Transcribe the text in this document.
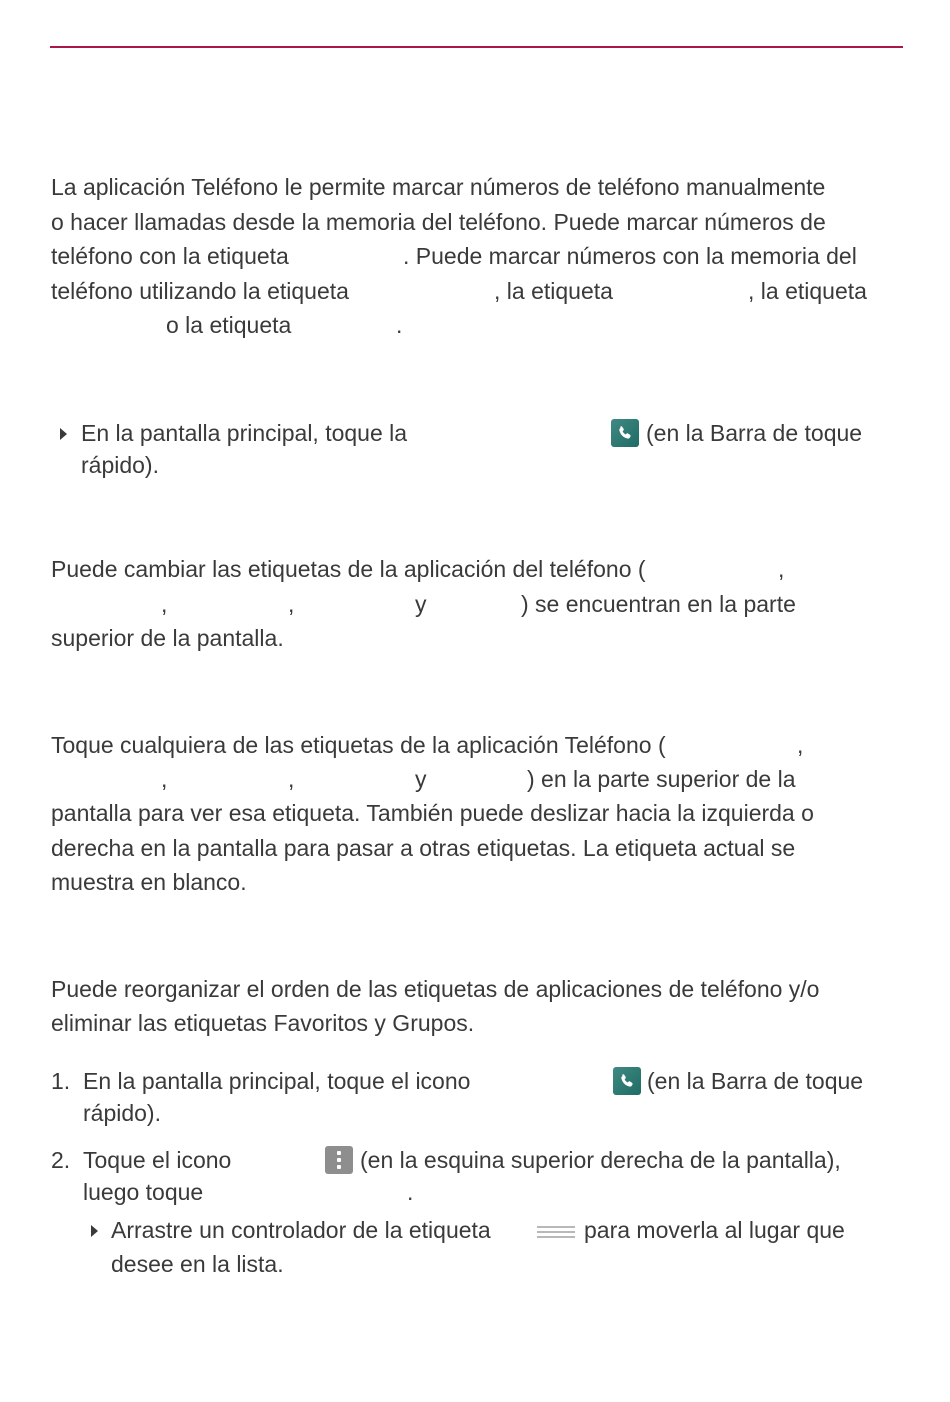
La aplicación Teléfono le permite marcar números de teléfono manualmente
o hacer llamadas desde la memoria del teléfono. Puede marcar números de
teléfono con la etiqueta	. Puede marcar números con la memoria del
teléfono utilizando la etiqueta	, la etiqueta	, la etiqueta
o la etiqueta	.
En la pantalla principal, toque la	(en la Barra de toque
rápido).
Puede cambiar las etiquetas de la aplicación del teléfono (	,
,	,	y	) se encuentran en la parte
superior de la pantalla.
Toque cualquiera de las etiquetas de la aplicación Teléfono (	,
,	,	y	) en la parte superior de la
pantalla para ver esa etiqueta. También puede deslizar hacia la izquierda o
derecha en la pantalla para pasar a otras etiquetas. La etiqueta actual se
muestra en blanco.
Puede reorganizar el orden de las etiquetas de aplicaciones de teléfono y/o
eliminar las etiquetas Favoritos y Grupos.
1. En la pantalla principal, toque el icono	(en la Barra de toque
rápido).
2. Toque el icono	(en la esquina superior derecha de la pantalla),
luego toque	.
Arrastre un controlador de la etiqueta	para moverla al lugar que
desee en la lista.
